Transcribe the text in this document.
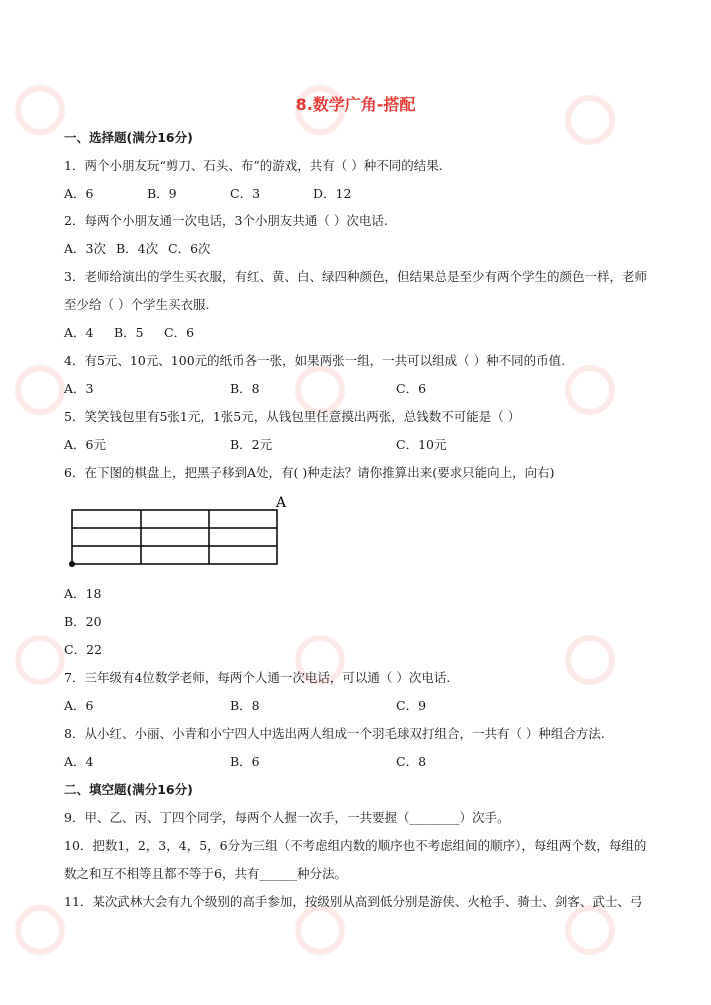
8.数学广角-搭配
一、选择题(满分16分)
1．两个小朋友玩“剪刀、石头、布”的游戏，共有（ ）种不同的结果.
A．6	B．9	C．3	D．12
2．每两个小朋友通一次电话，3个小朋友共通（ ）次电话.
A．3次 B．4次 C．6次
3．老师给演出的学生买衣服，有红、黄、白、绿四种颜色，但结果总是至少有两个学生的颜色一样，老师
至少给（ ）个学生买衣服.
A．4 B．5 C．6
4．有5元、10元、100元的纸币各一张，如果两张一组，一共可以组成（ ）种不同的币值.
A．3	B．8	C．6
5．笑笑钱包里有5张1元，1张5元，从钱包里任意摸出两张，总钱数不可能是（ ）
A．6元	B．2元	C．10元
6．在下图的棋盘上，把黑子移到A处，有( )种走法？请你推算出来(要求只能向上，向右)
A
A．18
B．20
C．22
7．三年级有4位数学老师，每两个人通一次电话，可以通（ ）次电话.
A．6	B．8	C．9
8．从小红、小丽、小青和小宁四人中选出两人组成一个羽毛球双打组合，一共有（ ）种组合方法.
A．4	B．6	C．8
二、填空题(满分16分)
9．甲、乙、丙、丁四个同学，每两个人握一次手，一共要握（________）次手。
10．把数1，2，3，4，5，6分为三组（不考虑组内数的顺序也不考虑组间的顺序），每组两个数，每组的
数之和互不相等且都不等于6，共有______种分法。
11．某次武林大会有九个级别的高手参加，按级别从高到低分别是游侠、火枪手、骑士、剑客、武士、弓
